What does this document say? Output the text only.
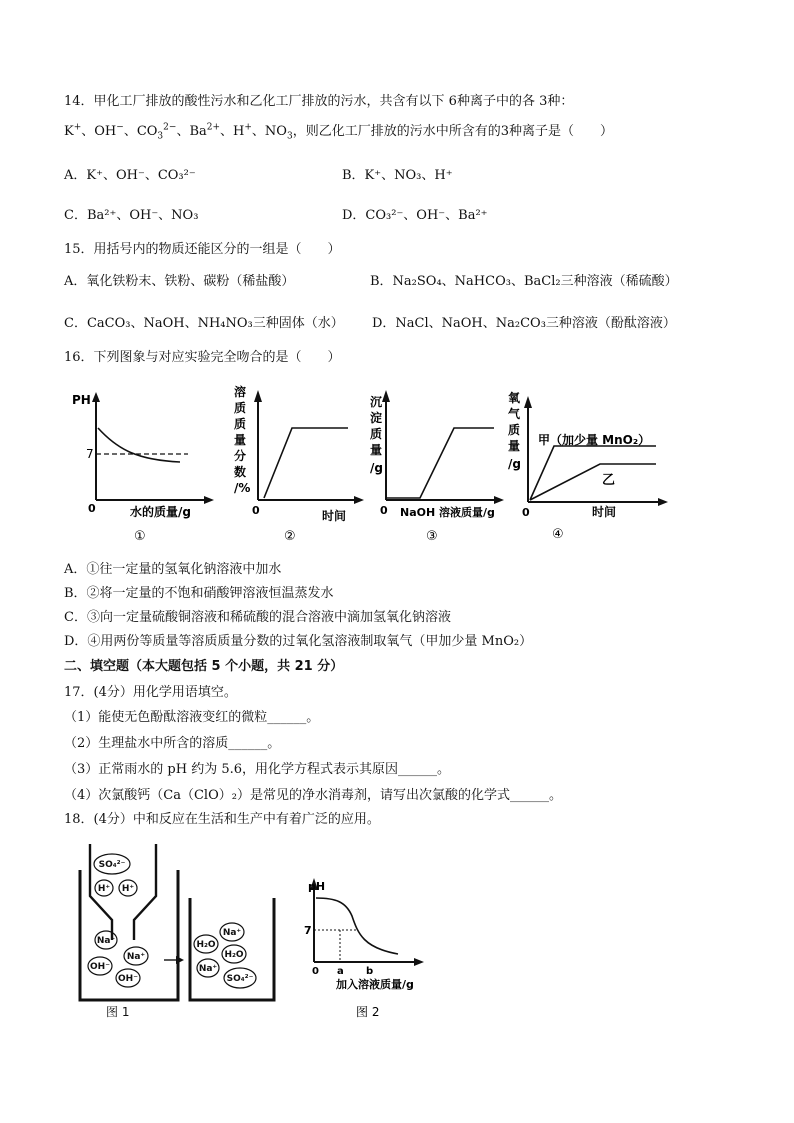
14．甲化工厂排放的酸性污水和乙化工厂排放的污水，共含有以下 6种离子中的各 3种：
K+、OH−、$CO_3^{2-}$、$Ba^{2+}$、H+、$NO_3$，则乙化工厂排放的污水中所含有的3种离子是（　　）
A．K⁺、OH⁻、CO₃²⁻	B．K⁺、NO₃、H⁺
C．Ba²⁺、OH⁻、NO₃	D．CO₃²⁻、OH⁻、Ba²⁺
15．用括号内的物质还能区分的一组是（　　）
A．氧化铁粉末、铁粉、碳粉（稀盐酸）	B．Na₂SO₄、NaHCO₃、BaCl₂三种溶液（稀硫酸）
C．CaCO₃、NaOH、NH₄NO₃三种固体（水） D．NaCl、NaOH、Na₂CO₃三种溶液（酚酞溶液）
16．下列图象与对应实验完全吻合的是（　　）
PH
7
0	水的质量/g
①
溶
质
质
量
分
数
/%
0	时间
②
沉
淀
质
量
/g
0 NaOH 溶液质量/g
③
氧
气
质
量
/g
甲（加少量 MnO₂）
乙
0	时间
④
A．①往一定量的氢氧化钠溶液中加水
B．②将一定量的不饱和硝酸钾溶液恒温蒸发水
C．③向一定量硫酸铜溶液和稀硫酸的混合溶液中滴加氢氧化钠溶液
D．④用两份等质量等溶质质量分数的过氧化氢溶液制取氧气（甲加少量 MnO₂）
二、填空题（本大题包括 5 个小题，共 21 分）
17．(4分）用化学用语填空。
（1）能使无色酚酞溶液变红的微粒______。
（2）生理盐水中所含的溶质______。
（3）正常雨水的 pH 约为 5.6，用化学方程式表示其原因______。
（4）次氯酸钙（Ca（ClO）₂）是常见的净水消毒剂，请写出次氯酸的化学式______。
18．(4分）中和反应在生活和生产中有着广泛的应用。
SO₄²⁻
H⁺ H⁺
Na⁺
Na⁺
OH⁻
OH⁻
H₂O
Na⁺
H₂O
Na⁺
SO₄²⁻
图 1
pH
7
0 a b
加入溶液质量/g
图 2
